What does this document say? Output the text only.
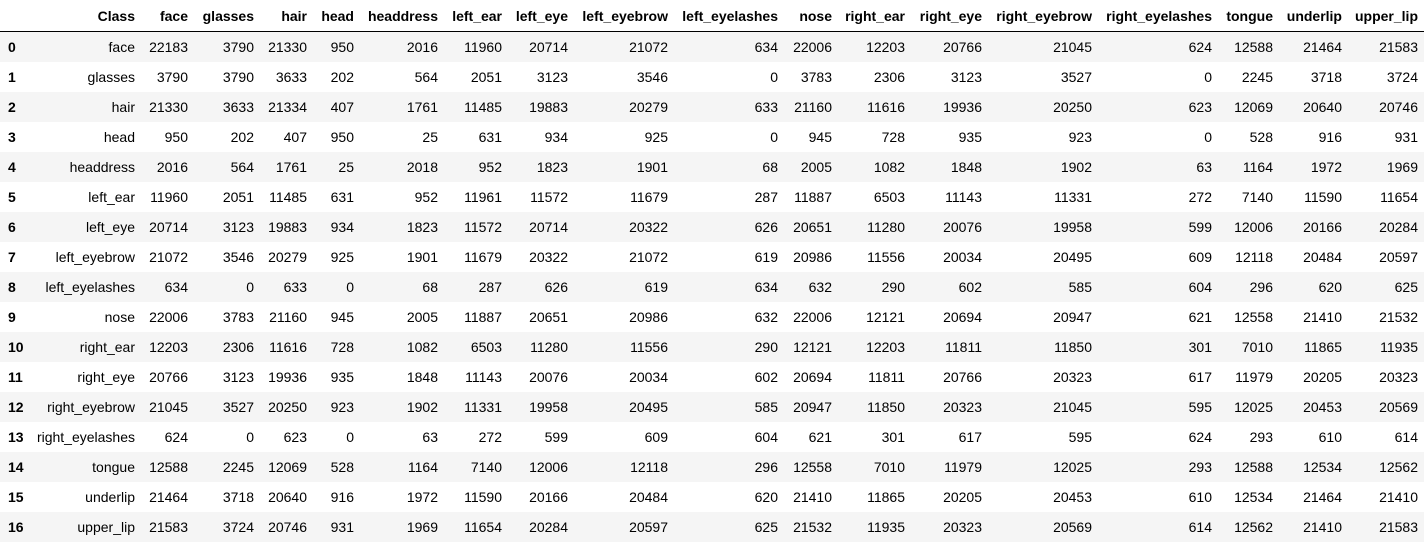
	Class	face	glasses	hair	head	headdress	left_ear	left_eye	left_eyebrow	left_eyelashes	nose	right_ear	right_eye	right_eyebrow	right_eyelashes	tongue	underlip	upper_lip
0	face	22183	3790	21330	950	2016	11960	20714	21072	634	22006	12203	20766	21045	624	12588	21464	21583
1	glasses	3790	3790	3633	202	564	2051	3123	3546	0	3783	2306	3123	3527	0	2245	3718	3724
2	hair	21330	3633	21334	407	1761	11485	19883	20279	633	21160	11616	19936	20250	623	12069	20640	20746
3	head	950	202	407	950	25	631	934	925	0	945	728	935	923	0	528	916	931
4	headdress	2016	564	1761	25	2018	952	1823	1901	68	2005	1082	1848	1902	63	1164	1972	1969
5	left_ear	11960	2051	11485	631	952	11961	11572	11679	287	11887	6503	11143	11331	272	7140	11590	11654
6	left_eye	20714	3123	19883	934	1823	11572	20714	20322	626	20651	11280	20076	19958	599	12006	20166	20284
7	left_eyebrow	21072	3546	20279	925	1901	11679	20322	21072	619	20986	11556	20034	20495	609	12118	20484	20597
8	left_eyelashes	634	0	633	0	68	287	626	619	634	632	290	602	585	604	296	620	625
9	nose	22006	3783	21160	945	2005	11887	20651	20986	632	22006	12121	20694	20947	621	12558	21410	21532
10	right_ear	12203	2306	11616	728	1082	6503	11280	11556	290	12121	12203	11811	11850	301	7010	11865	11935
11	right_eye	20766	3123	19936	935	1848	11143	20076	20034	602	20694	11811	20766	20323	617	11979	20205	20323
12	right_eyebrow	21045	3527	20250	923	1902	11331	19958	20495	585	20947	11850	20323	21045	595	12025	20453	20569
13	right_eyelashes	624	0	623	0	63	272	599	609	604	621	301	617	595	624	293	610	614
14	tongue	12588	2245	12069	528	1164	7140	12006	12118	296	12558	7010	11979	12025	293	12588	12534	12562
15	underlip	21464	3718	20640	916	1972	11590	20166	20484	620	21410	11865	20205	20453	610	12534	21464	21410
16	upper_lip	21583	3724	20746	931	1969	11654	20284	20597	625	21532	11935	20323	20569	614	12562	21410	21583
